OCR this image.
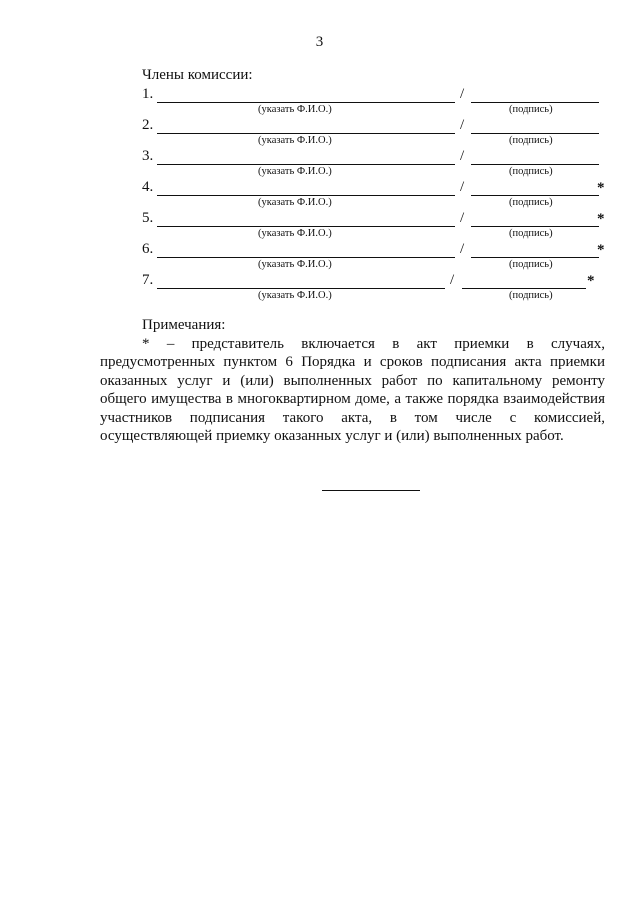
3
Члены комиссии:
1.	/
(указать Ф.И.О.)	(подпись)
2.	/
(указать Ф.И.О.)	(подпись)
3.	/
(указать Ф.И.О.)	(подпись)
4.	/	*
(указать Ф.И.О.)	(подпись)
5.	/	*
(указать Ф.И.О.)	(подпись)
6.	/	*
(указать Ф.И.О.)	(подпись)
7.	/	*
(указать Ф.И.О.)	(подпись)
Примечания:
* – представитель включается в акт приемки в случаях, предусмотренных пунктом 6 Порядка и сроков подписания акта приемки оказанных услуг и (или) выполненных работ по капитальному ремонту общего имущества в многоквартирном доме, а также порядка взаимодействия участников подписания такого акта, в том числе с комиссией, осуществляющей приемку оказанных услуг и (или) выполненных работ.
